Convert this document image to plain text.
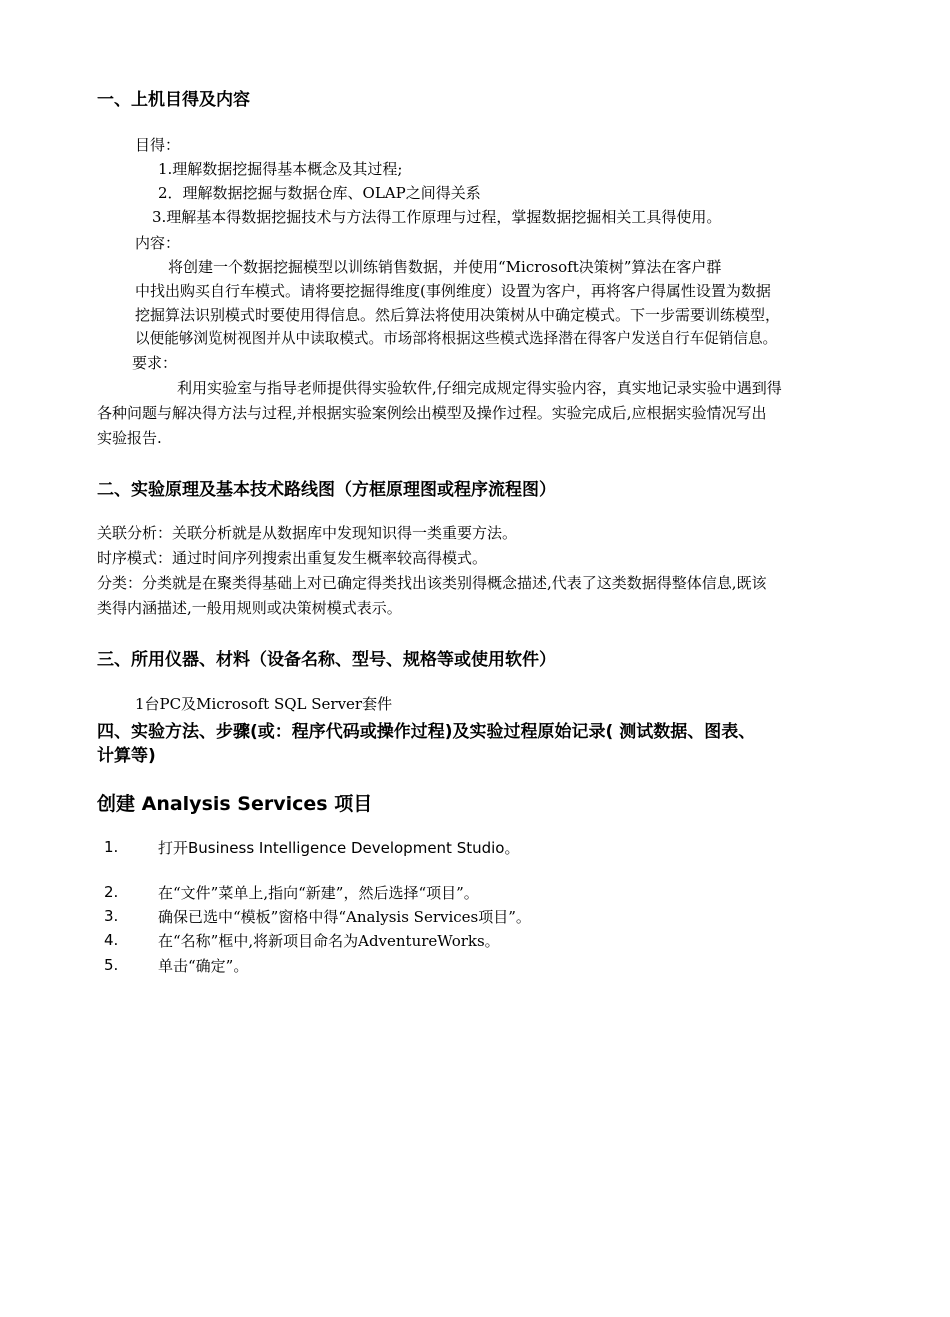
一、上机目得及内容
目得：
1.理解数据挖掘得基本概念及其过程;
2．理解数据挖掘与数据仓库、OLAP之间得关系
3.理解基本得数据挖掘技术与方法得工作原理与过程，掌握数据挖掘相关工具得使用。
内容：
将创建一个数据挖掘模型以训练销售数据，并使用“Microsoft决策树”算法在客户群
中找出购买自行车模式。请将要挖掘得维度(事例维度）设置为客户，再将客户得属性设置为数据
挖掘算法识别模式时要使用得信息。然后算法将使用决策树从中确定模式。下一步需要训练模型，
以便能够浏览树视图并从中读取模式。市场部将根据这些模式选择潜在得客户发送自行车促销信息。
要求：
利用实验室与指导老师提供得实验软件,仔细完成规定得实验内容，真实地记录实验中遇到得
各种问题与解决得方法与过程,并根据实验案例绘出模型及操作过程。实验完成后,应根据实验情况写出
实验报告.
二、实验原理及基本技术路线图（方框原理图或程序流程图）
关联分析：关联分析就是从数据库中发现知识得一类重要方法。
时序模式：通过时间序列搜索出重复发生概率较高得模式。
分类：分类就是在聚类得基础上对已确定得类找出该类别得概念描述,代表了这类数据得整体信息,既该
类得内涵描述,一般用规则或决策树模式表示。
三、所用仪器、材料（设备名称、型号、规格等或使用软件）
1台PC及Microsoft SQL Server套件
四、实验方法、步骤(或：程序代码或操作过程)及实验过程原始记录( 测试数据、图表、
计算等)
创建 Analysis Services 项目
1.	打开Business Intelligence Development Studio。
2.	在“文件”菜单上,指向“新建”，然后选择“项目”。
3.	确保已选中“模板”窗格中得“Analysis Services项目”。
4.	在“名称”框中,将新项目命名为AdventureWorks。
5.	单击“确定”。
